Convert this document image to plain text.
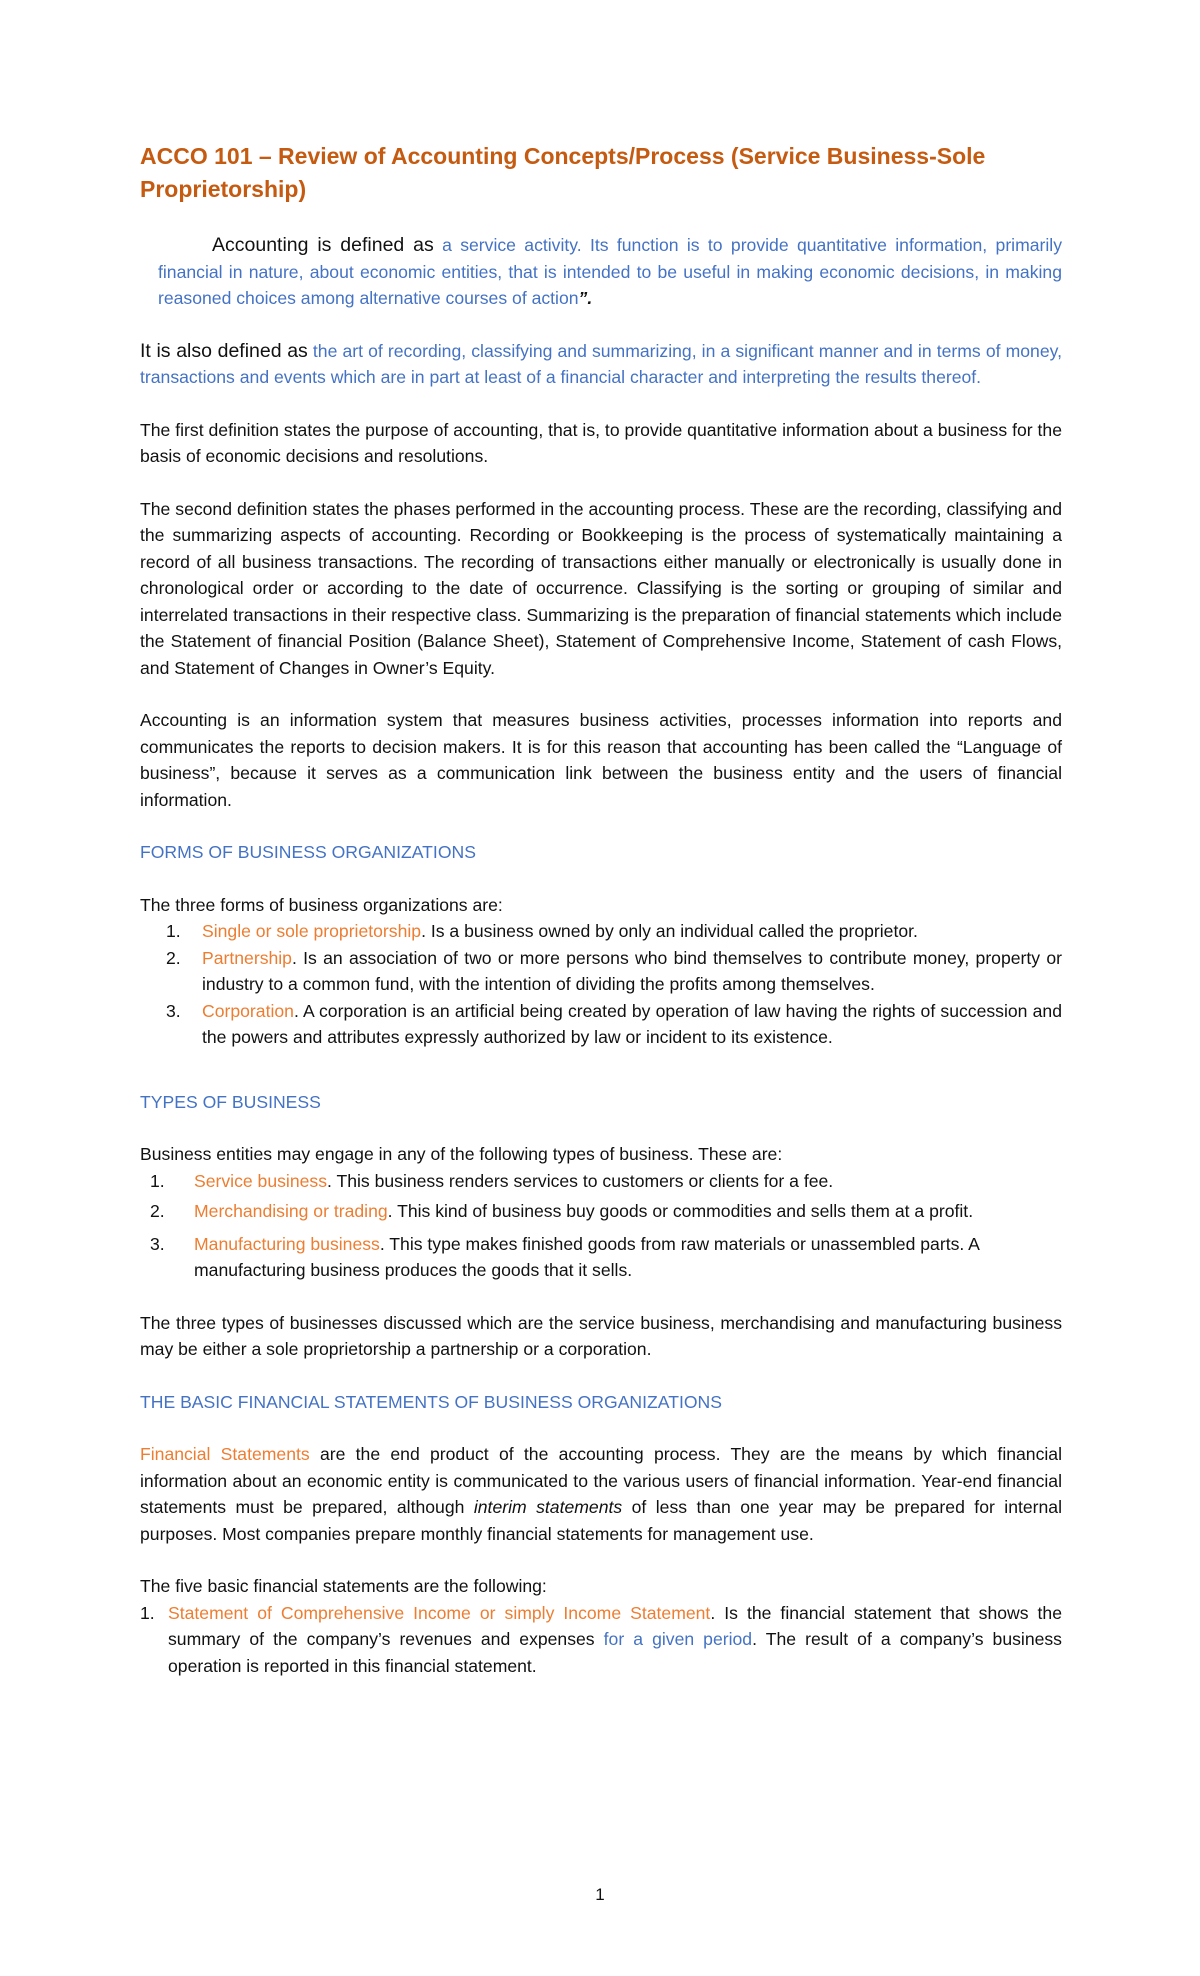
ACCO 101 – Review of Accounting Concepts/Process (Service Business-Sole Proprietorship)

Accounting is defined as a service activity. Its function is to provide quantitative information, primarily financial in nature, about economic entities, that is intended to be useful in making economic decisions, in making reasoned choices among alternative courses of action”.

It is also defined as the art of recording, classifying and summarizing, in a significant manner and in terms of money, transactions and events which are in part at least of a financial character and interpreting the results thereof.

The first definition states the purpose of accounting, that is, to provide quantitative information about a business for the basis of economic decisions and resolutions.

The second definition states the phases performed in the accounting process. These are the recording, classifying and the summarizing aspects of accounting. Recording or Bookkeeping is the process of systematically maintaining a record of all business transactions. The recording of transactions either manually or electronically is usually done in chronological order or according to the date of occurrence. Classifying is the sorting or grouping of similar and interrelated transactions in their respective class. Summarizing is the preparation of financial statements which include the Statement of financial Position (Balance Sheet), Statement of Comprehensive Income, Statement of cash Flows, and Statement of Changes in Owner’s Equity.

Accounting is an information system that measures business activities, processes information into reports and communicates the reports to decision makers. It is for this reason that accounting has been called the “Language of business”, because it serves as a communication link between the business entity and the users of financial information.

FORMS OF BUSINESS ORGANIZATIONS

The three forms of business organizations are:

1. Single or sole proprietorship. Is a business owned by only an individual called the proprietor.
2. Partnership. Is an association of two or more persons who bind themselves to contribute money, property or industry to a common fund, with the intention of dividing the profits among themselves.
3. Corporation. A corporation is an artificial being created by operation of law having the rights of succession and the powers and attributes expressly authorized by law or incident to its existence.

TYPES OF BUSINESS

Business entities may engage in any of the following types of business. These are:

1. Service business. This business renders services to customers or clients for a fee.
2. Merchandising or trading. This kind of business buy goods or commodities and sells them at a profit.
3. Manufacturing business. This type makes finished goods from raw materials or unassembled parts. A manufacturing business produces the goods that it sells.

The three types of businesses discussed which are the service business, merchandising and manufacturing business may be either a sole proprietorship a partnership or a corporation.

THE BASIC FINANCIAL STATEMENTS OF BUSINESS ORGANIZATIONS

Financial Statements are the end product of the accounting process. They are the means by which financial information about an economic entity is communicated to the various users of financial information. Year-end financial statements must be prepared, although interim statements of less than one year may be prepared for internal purposes. Most companies prepare monthly financial statements for management use.

The five basic financial statements are the following:

1. Statement of Comprehensive Income or simply Income Statement. Is the financial statement that shows the summary of the company’s revenues and expenses for a given period. The result of a company’s business operation is reported in this financial statement.
1
